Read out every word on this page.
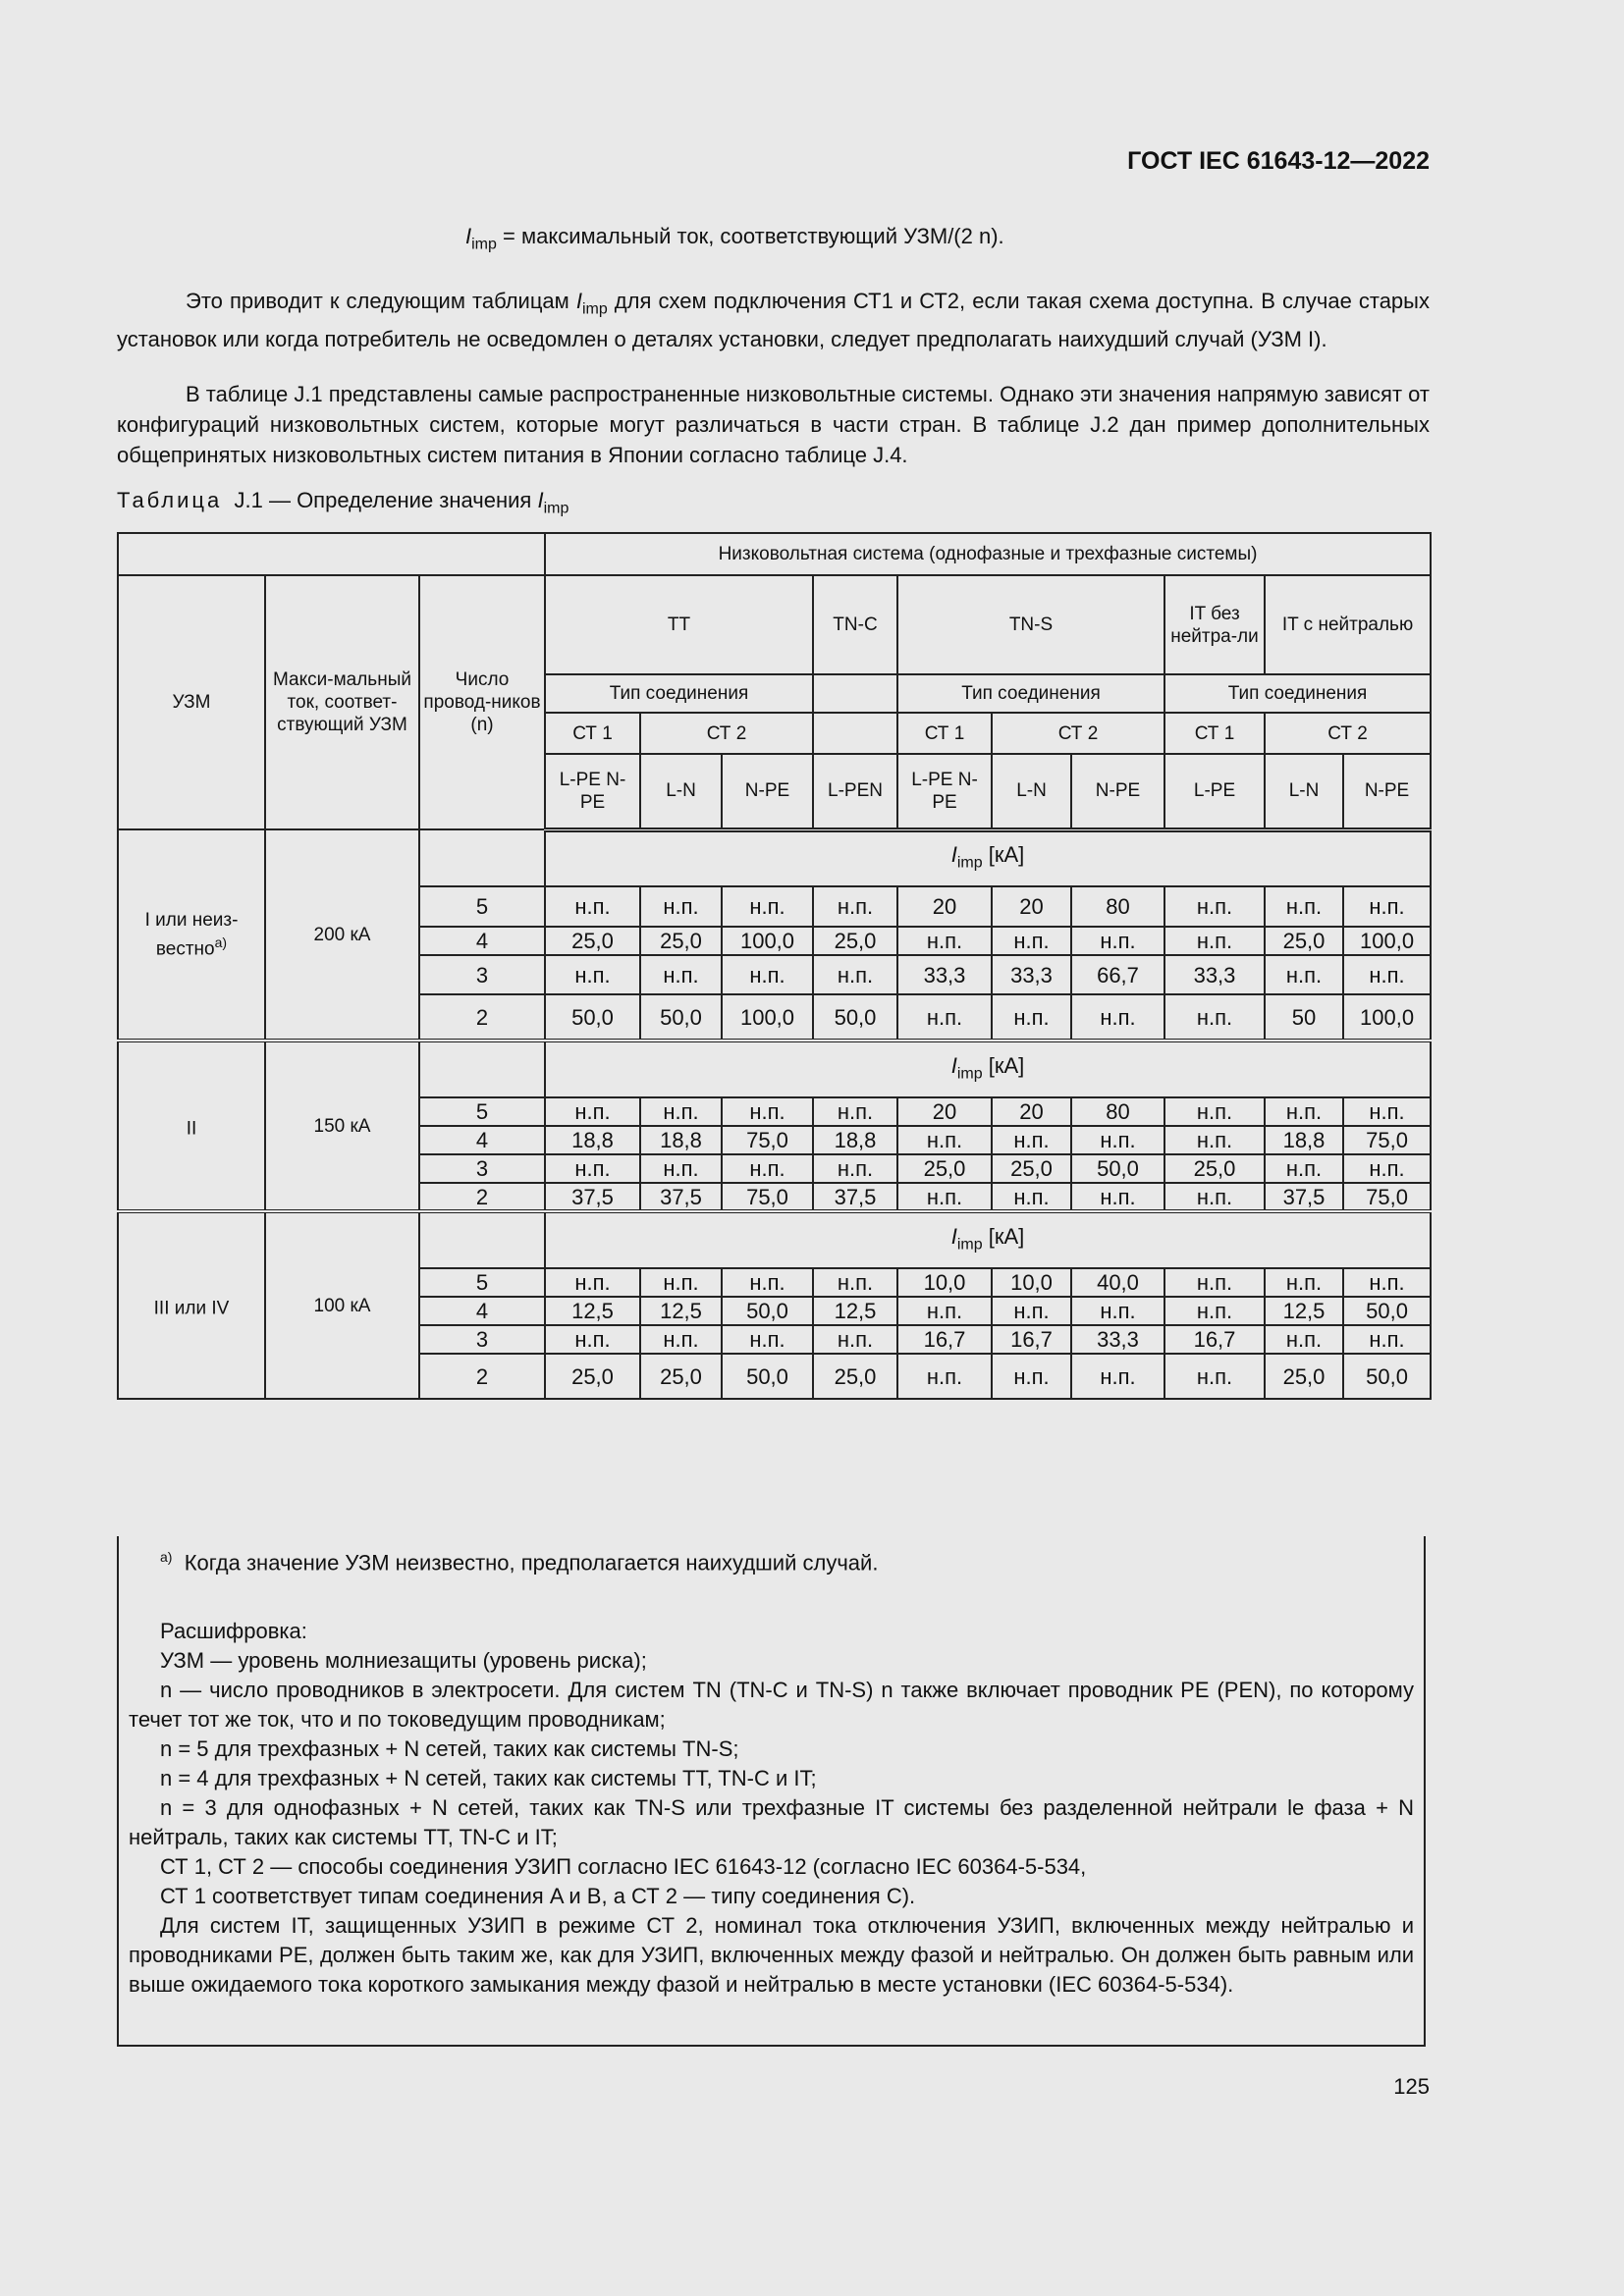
ГОСТ IEC 61643-12—2022
$I_{imp}$ = максимальный ток, соответствующий УЗМ/(2 n).
Это приводит к следующим таблицам $I_{imp}$ для схем подключения СТ1 и СТ2, если такая схема доступна. В случае старых установок или когда потребитель не осведомлен о деталях установки, следует предполагать наихудший случай (УЗМ I).
В таблице J.1 представлены самые распространенные низковольтные системы. Однако эти значения напрямую зависят от конфигураций низковольтных систем, которые могут различаться в части стран. В таблице J.2 дан пример дополнительных общепринятых низковольтных систем питания в Японии согласно таблице J.4.
Таблица J.1 — Определение значения $I_{imp}$
			Низковольтная система (однофазные и трехфазные системы)									
УЗМ	Макси-мальный ток, соответ-ствующий УЗМ	Число провод-ников (n)	TT			TN-C	TN-S			IT без нейтра-ли	IT с нейтралью	
			Тип соединения				Тип соединения			Тип соединения		
			СТ 1	СТ 2			СТ 1	СТ 2		СТ 1	СТ 2	
			L-PE N-PE	L-N	N-PE	L-PEN	L-PE N-PE	L-N	N-PE	L-PE	L-N	N-PE
I или неиз-вестно$^{а)}$	200 кА		$I_{imp}$ [кА]									
		5	н.п.	н.п.	н.п.	н.п.	20	20	80	н.п.	н.п.	н.п.
		4	25,0	25,0	100,0	25,0	н.п.	н.п.	н.п.	н.п.	25,0	100,0
		3	н.п.	н.п.	н.п.	н.п.	33,3	33,3	66,7	33,3	н.п.	н.п.
		2	50,0	50,0	100,0	50,0	н.п.	н.п.	н.п.	н.п.	50	100,0
II	150 кА		$I_{imp}$ [кА]									
		5	н.п.	н.п.	н.п.	н.п.	20	20	80	н.п.	н.п.	н.п.
		4	18,8	18,8	75,0	18,8	н.п.	н.п.	н.п.	н.п.	18,8	75,0
		3	н.п.	н.п.	н.п.	н.п.	25,0	25,0	50,0	25,0	н.п.	н.п.
		2	37,5	37,5	75,0	37,5	н.п.	н.п.	н.п.	н.п.	37,5	75,0
III или IV	100 кА		$I_{imp}$ [кА]									
		5	н.п.	н.п.	н.п.	н.п.	10,0	10,0	40,0	н.п.	н.п.	н.п.
		4	12,5	12,5	50,0	12,5	н.п.	н.п.	н.п.	н.п.	12,5	50,0
		3	н.п.	н.п.	н.п.	н.п.	16,7	16,7	33,3	16,7	н.п.	н.п.
		2	25,0	25,0	50,0	25,0	н.п.	н.п.	н.п.	н.п.	25,0	50,0
$^{а)}$ Когда значение УЗМ неизвестно, предполагается наихудший случай.
Расшифровка:
УЗМ — уровень молниезащиты (уровень риска);
n — число проводников в электросети. Для систем TN (TN-C и TN-S) n также включает проводник PE (PEN), по которому течет тот же ток, что и по токоведущим проводникам;
n = 5 для трехфазных + N сетей, таких как системы TN-S;
n = 4 для трехфазных + N сетей, таких как системы TT, TN-C и IT;
n = 3 для однофазных + N сетей, таких как TN-S или трехфазные IT системы без разделенной нейтрали le фаза + N нейтраль, таких как системы TT, TN-C и IT;
СТ 1, СТ 2 — способы соединения УЗИП согласно IEC 61643-12 (согласно IEC 60364-5-534,
СТ 1 соответствует типам соединения A и B, а СТ 2 — типу соединения C).
Для систем IT, защищенных УЗИП в режиме СТ 2, номинал тока отключения УЗИП, включенных между нейтралью и проводниками PE, должен быть таким же, как для УЗИП, включенных между фазой и нейтралью. Он должен быть равным или выше ожидаемого тока короткого замыкания между фазой и нейтралью в месте установки (IEC 60364-5-534).
125
